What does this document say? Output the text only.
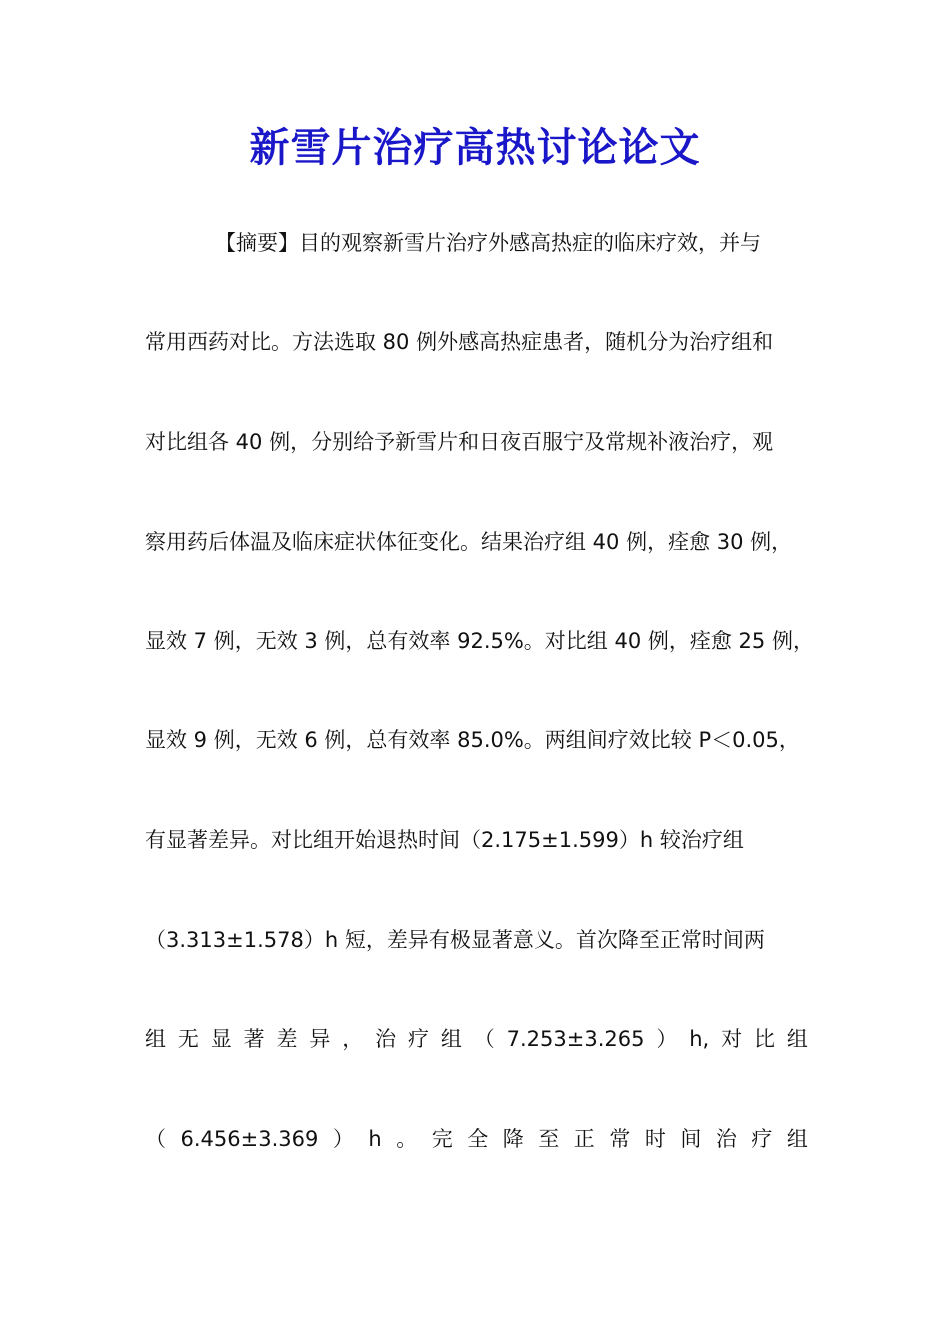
新雪片治疗高热讨论论文
【摘要】目的观察新雪片治疗外感高热症的临床疗效，并与
常用西药对比。方法选取 80 例外感高热症患者，随机分为治疗组和
对比组各 40 例，分别给予新雪片和日夜百服宁及常规补液治疗，观
察用药后体温及临床症状体征变化。结果治疗组 40 例，痊愈 30 例，
显效 7 例，无效 3 例，总有效率 92.5%。对比组 40 例，痊愈 25 例，
显效 9 例，无效 6 例，总有效率 85.0%。两组间疗效比较 P＜0.05，
有显著差异。对比组开始退热时间（2.175±1.599）h 较治疗组
（3.313±1.578）h 短，差异有极显著意义。首次降至正常时间两
组 无 显 著 差 异 ， 治 疗 组 （ 7.253±3.265 ） h, 对 比 组
（ 6.456±3.369 ） h 。 完 全 降 至 正 常 时 间 治 疗 组
